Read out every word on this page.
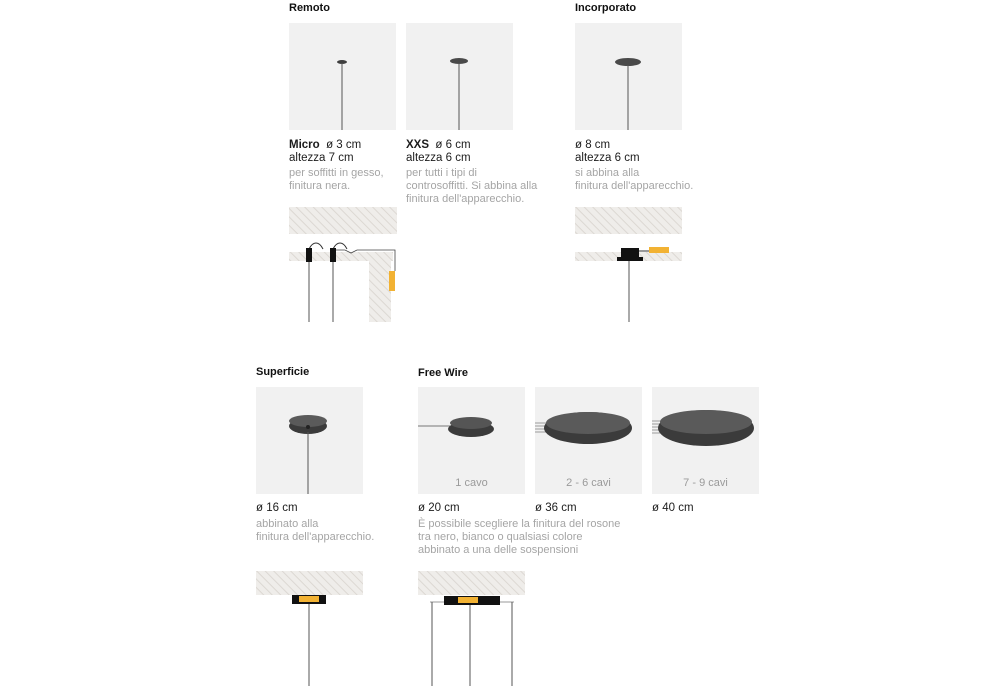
Remoto	Incorporato
Micro ø 3 cm
altezza 7 cm
per soffitti in gesso,
finitura nera.
XXS ø 6 cm
altezza 6 cm
per tutti i tipi di
controsoffitti. Si abbina alla
finitura dell'apparecchio.
ø 8 cm
altezza 6 cm
si abbina alla
finitura dell'apparecchio.
Superficie	Free Wire
1 cavo	2 - 6 cavi	7 - 9 cavi
ø 16 cm
abbinato alla
finitura dell'apparecchio.
ø 20 cm	ø 36 cm	ø 40 cm
È possibile scegliere la finitura del rosone
tra nero, bianco o qualsiasi colore
abbinato a una delle sospensioni
